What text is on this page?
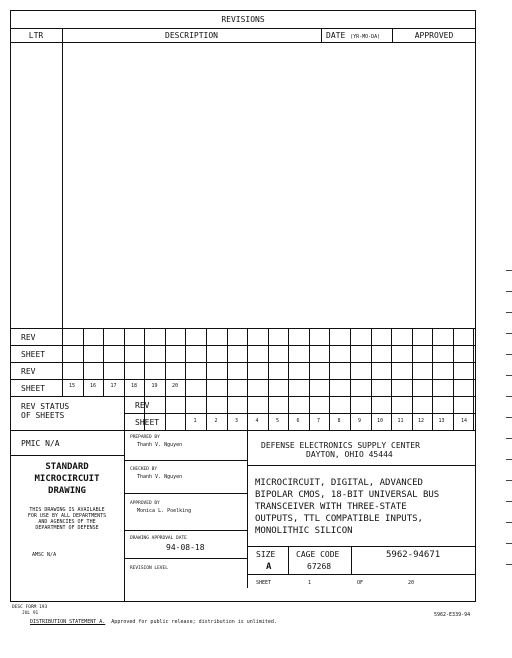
REVISIONS
LTR	DESCRIPTION	DATE (YR-MO-DA)	APPROVED
REV
SHEET
REV
SHEET	15	16	17	18	19	20
REV STATUS
OF SHEETS
REV
SHEET	1	2	3	4	5	6	7	8	9	10	11	12	13	14
PMIC N/A
STANDARD
MICROCIRCUIT
DRAWING
THIS DRAWING IS AVAILABLE
FOR USE BY ALL DEPARTMENTS
AND AGENCIES OF THE
DEPARTMENT OF DEFENSE
AMSC N/A
PREPARED BY
Thanh V. Nguyen
CHECKED BY
Thanh V. Nguyen
APPROVED BY
Monica L. Poelking
DRAWING APPROVAL DATE
94-08-18
REVISION LEVEL
DEFENSE ELECTRONICS SUPPLY CENTER
DAYTON, OHIO 45444
MICROCIRCUIT, DIGITAL, ADVANCED
BIPOLAR CMOS, 18-BIT UNIVERSAL BUS
TRANSCEIVER WITH THREE-STATE
OUTPUTS, TTL COMPATIBLE INPUTS,
MONOLITHIC SILICON
SIZE
A
CAGE CODE
67268
5962-94671
SHEET	1	OF	20
DESC FORM 193
JUL 91
DISTRIBUTION STATEMENT A. Approved for public release; distribution is unlimited.
5962-E339-94
